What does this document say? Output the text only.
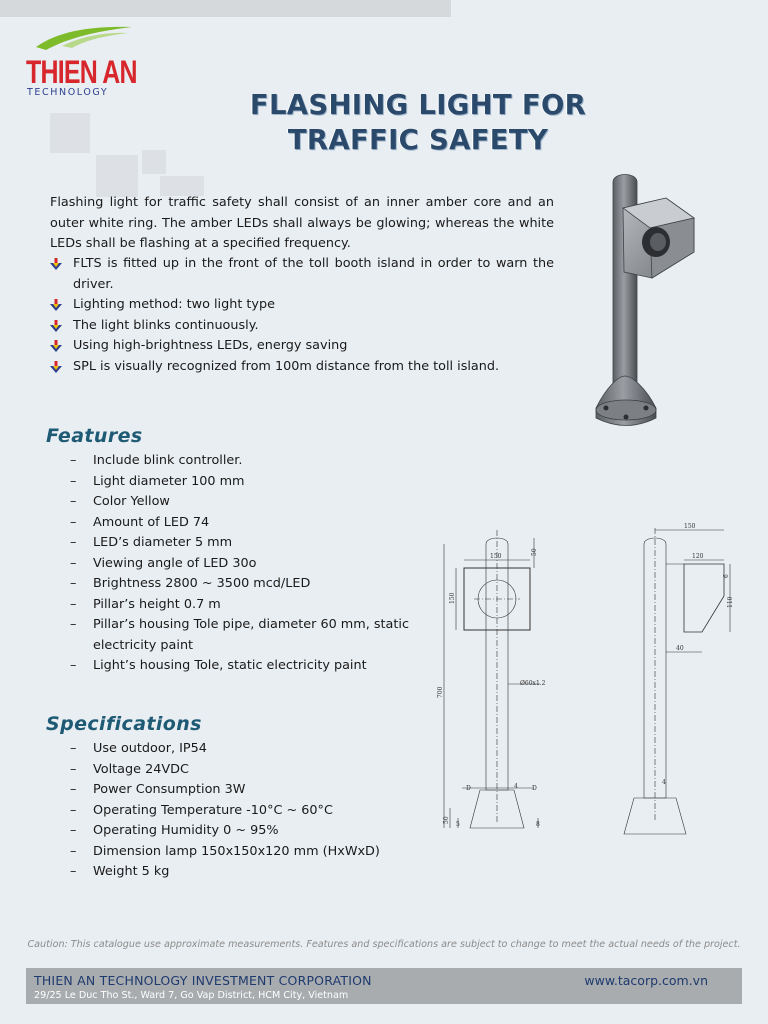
THIEN AN
TECHNOLOGY	FLASHING LIGHT FOR
TRAFFIC SAFETY
Flashing light for traffic safety shall consist of an inner amber core and an outer white ring. The amber LEDs shall always be glowing; whereas the white LEDs shall be flashing at a specified frequency.
FLTS is fitted up in the front of the toll booth island in order to warn the driver.
Lighting method: two light type
The light blinks continuously.
Using high-brightness LEDs, energy saving
SPL is visually recognized from 100m distance from the toll island.
Features
–	Include blink controller.
–	Light diameter 100 mm
–	Color Yellow
–	Amount of LED 74
–	LED’s diameter 5 mm
–	Viewing angle of LED 30o
–	Brightness 2800 ~ 3500 mcd/LED
–	Pillar’s height 0.7 m
–	Pillar’s housing Tole pipe, diameter 60 mm, static electricity paint
–	Light’s housing Tole, static electricity paint
Specifications
–	Use outdoor, IP54
–	Voltage 24VDC
–	Power Consumption 3W
–	Operating Temperature -10°C ~ 60°C
–	Operating Humidity 0 ~ 95%
–	Dimension lamp 150x150x120 mm (HxWxD)
–	Weight 5 kg
150
50
150
700
Ø60x1.2
D	D
4
50
5	8
150
120
6
110
40
4
Caution: This catalogue use approximate measurements. Features and specifications are subject to change to meet the actual needs of the project.
THIEN AN TECHNOLOGY INVESTMENT CORPORATION
29/25 Le Duc Tho St., Ward 7, Go Vap District, HCM City, Vietnam
www.tacorp.com.vn
